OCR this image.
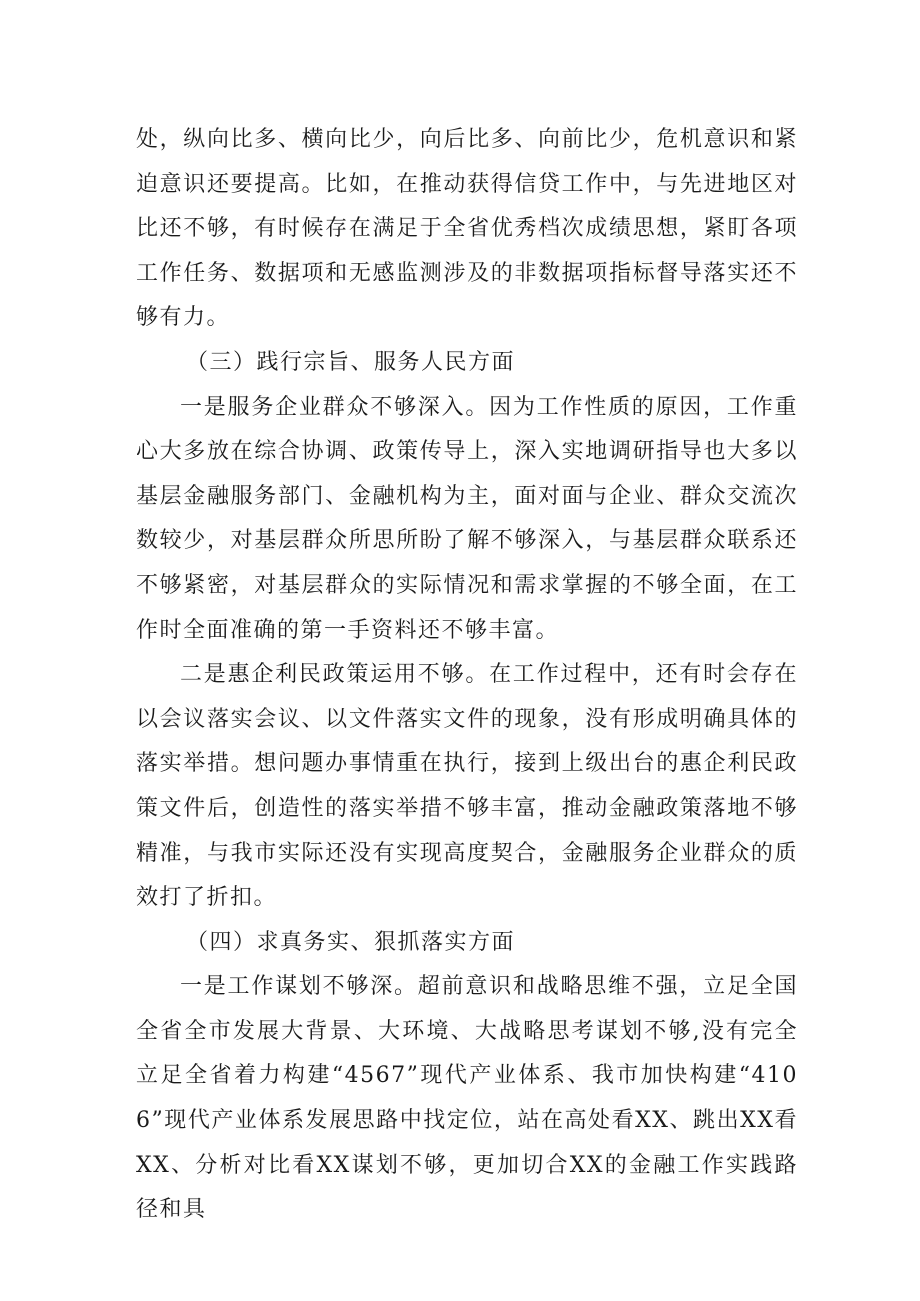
处，纵向比多、横向比少，向后比多、向前比少，危机意识和紧迫意识还要提高。比如，在推动获得信贷工作中，与先进地区对比还不够，有时候存在满足于全省优秀档次成绩思想，紧盯各项工作任务、数据项和无感监测涉及的非数据项指标督导落实还不够有力。

（三）践行宗旨、服务人民方面

一是服务企业群众不够深入。因为工作性质的原因，工作重心大多放在综合协调、政策传导上，深入实地调研指导也大多以基层金融服务部门、金融机构为主，面对面与企业、群众交流次数较少，对基层群众所思所盼了解不够深入，与基层群众联系还不够紧密，对基层群众的实际情况和需求掌握的不够全面，在工作时全面准确的第一手资料还不够丰富。

二是惠企利民政策运用不够。在工作过程中，还有时会存在以会议落实会议、以文件落实文件的现象，没有形成明确具体的落实举措。想问题办事情重在执行，接到上级出台的惠企利民政策文件后，创造性的落实举措不够丰富，推动金融政策落地不够精准，与我市实际还没有实现高度契合，金融服务企业群众的质效打了折扣。

（四）求真务实、狠抓落实方面

一是工作谋划不够深。超前意识和战略思维不强，立足全国全省全市发展大背景、大环境、大战略思考谋划不够,没有完全立足全省着力构建“4567”现代产业体系、我市加快构建“4106”现代产业体系发展思路中找定位，站在高处看XX、跳出XX看XX、分析对比看XX谋划不够，更加切合XX的金融工作实践路径和具
